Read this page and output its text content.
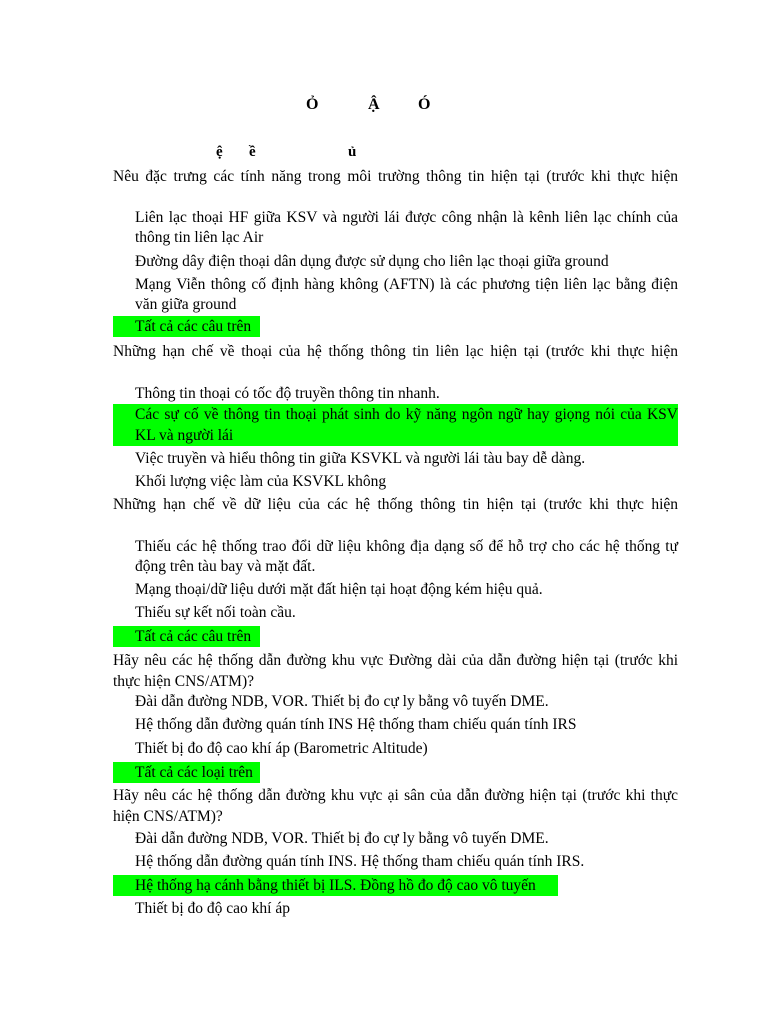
Ỏ	Ậ Ó
ệ ề	ủ
Nêu đặc trưng các tính năng trong môi trường thông tin hiện tại (trước khi thực hiện
Liên lạc thoại HF giữa KSV và người lái được công nhận là kênh liên lạc chính của thông tin liên lạc Air
Đường dây điện thoại dân dụng được sử dụng cho liên lạc thoại giữa ground
Mạng Viễn thông cố định hàng không (AFTN) là các phương tiện liên lạc bằng điện văn giữa ground
Tất cả các câu trên
Những hạn chế về thoại của hệ thống thông tin liên lạc hiện tại (trước khi thực hiện
Thông tin thoại có tốc độ truyền thông tin nhanh.
Các sự cố về thông tin thoại phát sinh do kỹ năng ngôn ngữ hay giọng nói của KSV KL và người lái
Việc truyền và hiểu thông tin giữa KSVKL và người lái tàu bay dễ dàng.
Khối lượng việc làm của KSVKL không
Những hạn chế về dữ liệu của các hệ thống thông tin hiện tại (trước khi thực hiện
Thiếu các hệ thống trao đổi dữ liệu không địa dạng số để hỗ trợ cho các hệ thống tự động trên tàu bay và mặt đất.
Mạng thoại/dữ liệu dưới mặt đất hiện tại hoạt động kém hiệu quả.
Thiếu sự kết nối toàn cầu.
Tất cả các câu trên
Hãy nêu các hệ thống dẫn đường khu vực Đường dài của dẫn đường hiện tại (trước khi thực hiện CNS/ATM)?
Đài dẫn đường NDB, VOR. Thiết bị đo cự ly bằng vô tuyến DME.
Hệ thống dẫn đường quán tính INS Hệ thống tham chiếu quán tính IRS
Thiết bị đo độ cao khí áp (Barometric Altitude)
Tất cả các loại trên
Hãy nêu các hệ thống dẫn đường khu vực ại sân của dẫn đường hiện tại (trước khi thực hiện CNS/ATM)?
Đài dẫn đường NDB, VOR. Thiết bị đo cự ly bằng vô tuyến DME.
Hệ thống dẫn đường quán tính INS. Hệ thống tham chiếu quán tính IRS.
Hệ thống hạ cánh bằng thiết bị ILS. Đồng hồ đo độ cao vô tuyến
Thiết bị đo độ cao khí áp
